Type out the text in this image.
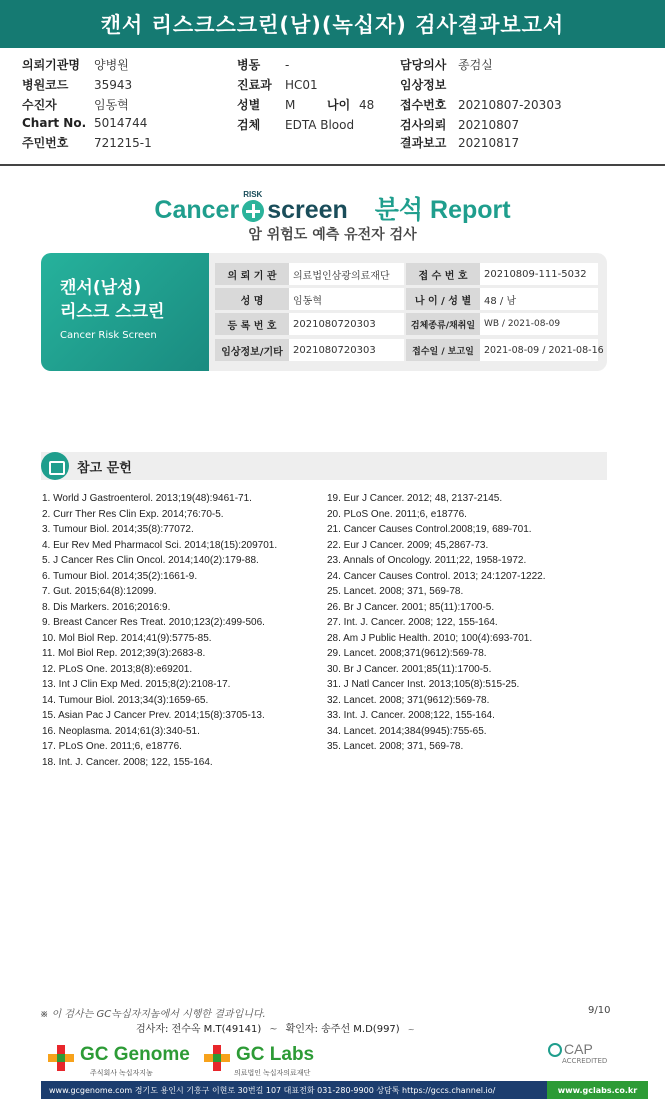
캔서 리스크스크린(남)(녹십자) 검사결과보고서
의뢰기관명 양병원
병원코드 35943
수진자	임동혁
Chart No. 5014744
주민번호 721215-1
병동 -
진료과 HC01
성별 M	나이 48
검체 EDTA Blood
담당의사 종검실
임상정보
접수번호 20210807-20303
검사의뢰 20210807
결과보고 20210817
Cancer
RISK
screen 분석 Report
암 위험도 예측 유전자 검사
캔서(남성)
리스크 스크린
Cancer Risk Screen
의 뢰 기 관	의료법인삼광의료재단	접 수 번 호	20210809-111-5032
성 명	임동혁	나 이 / 성 별	48 / 남
등 록 번 호	2021080720303	검체종류/채취일 WB / 2021-08-09
임상정보/기타	2021080720303	접수일 / 보고일	2021-08-09 / 2021-08-16
참고 문헌
1. World J Gastroenterol. 2013;19(48):9461-71.
2. Curr Ther Res Clin Exp. 2014;76:70-5.
3. Tumour Biol. 2014;35(8):77072.
4. Eur Rev Med Pharmacol Sci. 2014;18(15):209701.
5. J Cancer Res Clin Oncol. 2014;140(2):179-88.
6. Tumour Biol. 2014;35(2):1661-9.
7. Gut. 2015;64(8):12099.
8. Dis Markers. 2016;2016:9.
9. Breast Cancer Res Treat. 2010;123(2):499-506.
10. Mol Biol Rep. 2014;41(9):5775-85.
11. Mol Biol Rep. 2012;39(3):2683-8.
12. PLoS One. 2013;8(8):e69201.
13. Int J Clin Exp Med. 2015;8(2):2108-17.
14. Tumour Biol. 2013;34(3):1659-65.
15. Asian Pac J Cancer Prev. 2014;15(8):3705-13.
16. Neoplasma. 2014;61(3):340-51.
17. PLoS One. 2011;6, e18776.
18. Int. J. Cancer. 2008; 122, 155-164.
19. Eur J Cancer. 2012; 48, 2137-2145.
20. PLoS One. 2011;6, e18776.
21. Cancer Causes Control.2008;19, 689-701.
22. Eur J Cancer. 2009; 45,2867-73.
23. Annals of Oncology. 2011;22, 1958-1972.
24. Cancer Causes Control. 2013; 24:1207-1222.
25. Lancet. 2008; 371, 569-78.
26. Br J Cancer. 2001; 85(11):1700-5.
27. Int. J. Cancer. 2008; 122, 155-164.
28. Am J Public Health. 2010; 100(4):693-701.
29. Lancet. 2008;371(9612):569-78.
30. Br J Cancer. 2001;85(11):1700-5.
31. J Natl Cancer Inst. 2013;105(8):515-25.
32. Lancet. 2008; 371(9612):569-78.
33. Int. J. Cancer. 2008;122, 155-164.
34. Lancet. 2014;384(9945):755-65.
35. Lancet. 2008; 371, 569-78.
※ 이 검사는 GC녹십자지놈에서 시행한 결과입니다.	9/10
검사자: 전수옥 M.T(49141) ~ 확인자: 송주선 M.D(997) ~
GC Genome
주식회사 녹십자지놈
GC Labs
의료법인 녹십자의료재단
CAP
ACCREDITED
www.gcgenome.com 경기도 용인시 기흥구 이현로 30번길 107 대표전화 031-280-9900 상담톡 https://gccs.channel.io/	www.gclabs.co.kr
